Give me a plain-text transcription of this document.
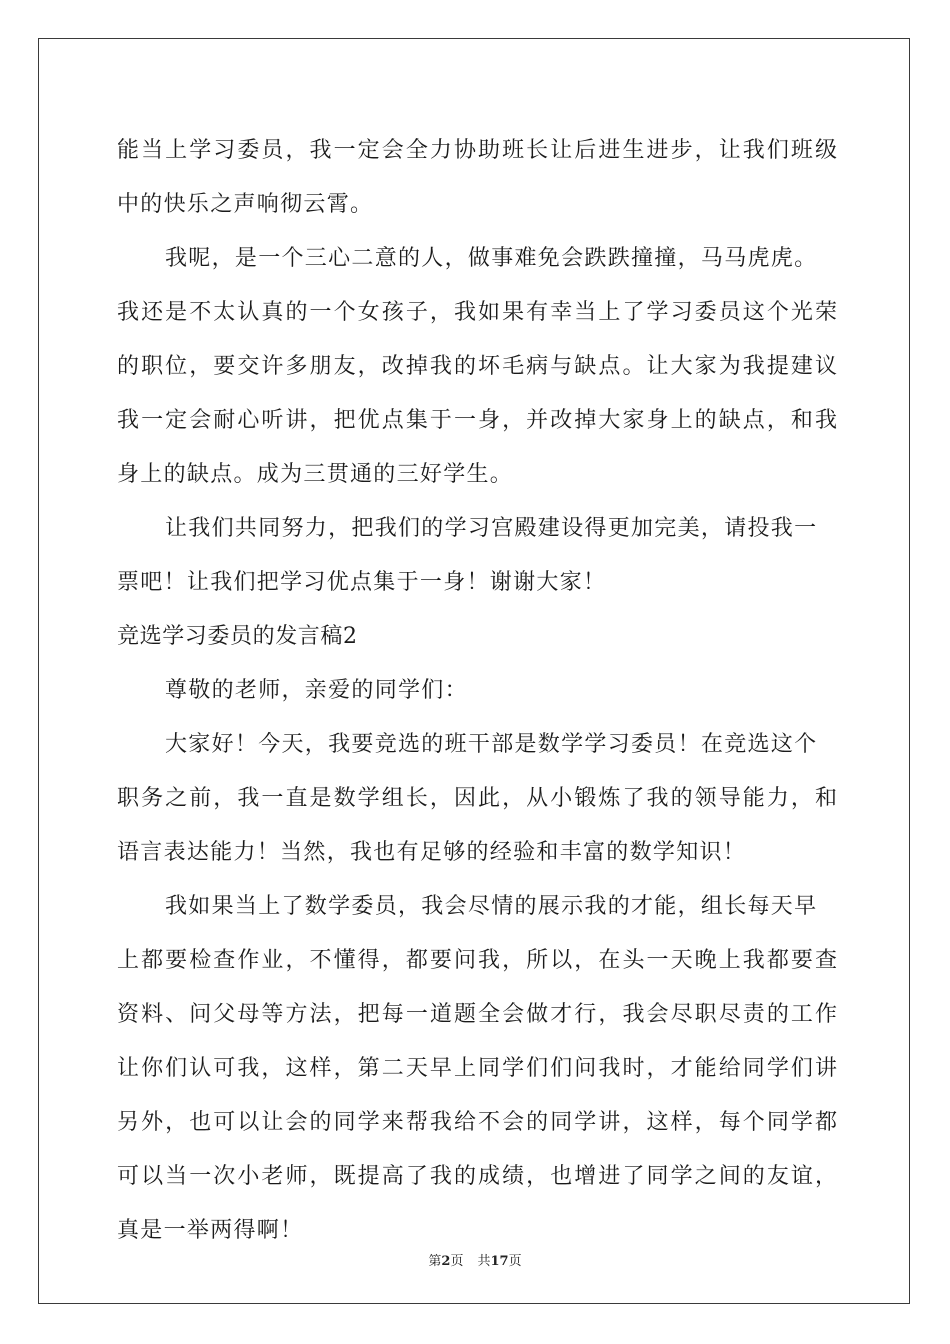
能当上学习委员，我一定会全力协助班长让后进生进步，让我们班级
中的快乐之声响彻云霄。
我呢，是一个三心二意的人，做事难免会跌跌撞撞，马马虎虎。
我还是不太认真的一个女孩子，我如果有幸当上了学习委员这个光荣
的职位，要交许多朋友，改掉我的坏毛病与缺点。让大家为我提建议
我一定会耐心听讲，把优点集于一身，并改掉大家身上的缺点，和我
身上的缺点。成为三贯通的三好学生。
让我们共同努力，把我们的学习宫殿建设得更加完美，请投我一
票吧！让我们把学习优点集于一身！谢谢大家！
竞选学习委员的发言稿2
尊敬的老师，亲爱的同学们：
大家好！今天，我要竞选的班干部是数学学习委员！在竞选这个
职务之前，我一直是数学组长，因此，从小锻炼了我的领导能力，和
语言表达能力！当然，我也有足够的经验和丰富的数学知识！
我如果当上了数学委员，我会尽情的展示我的才能，组长每天早
上都要检查作业，不懂得，都要问我，所以，在头一天晚上我都要查
资料、问父母等方法，把每一道题全会做才行，我会尽职尽责的工作
让你们认可我，这样，第二天早上同学们们问我时，才能给同学们讲
另外，也可以让会的同学来帮我给不会的同学讲，这样，每个同学都
可以当一次小老师，既提高了我的成绩，也增进了同学之间的友谊，
真是一举两得啊！
第2页 共17页
